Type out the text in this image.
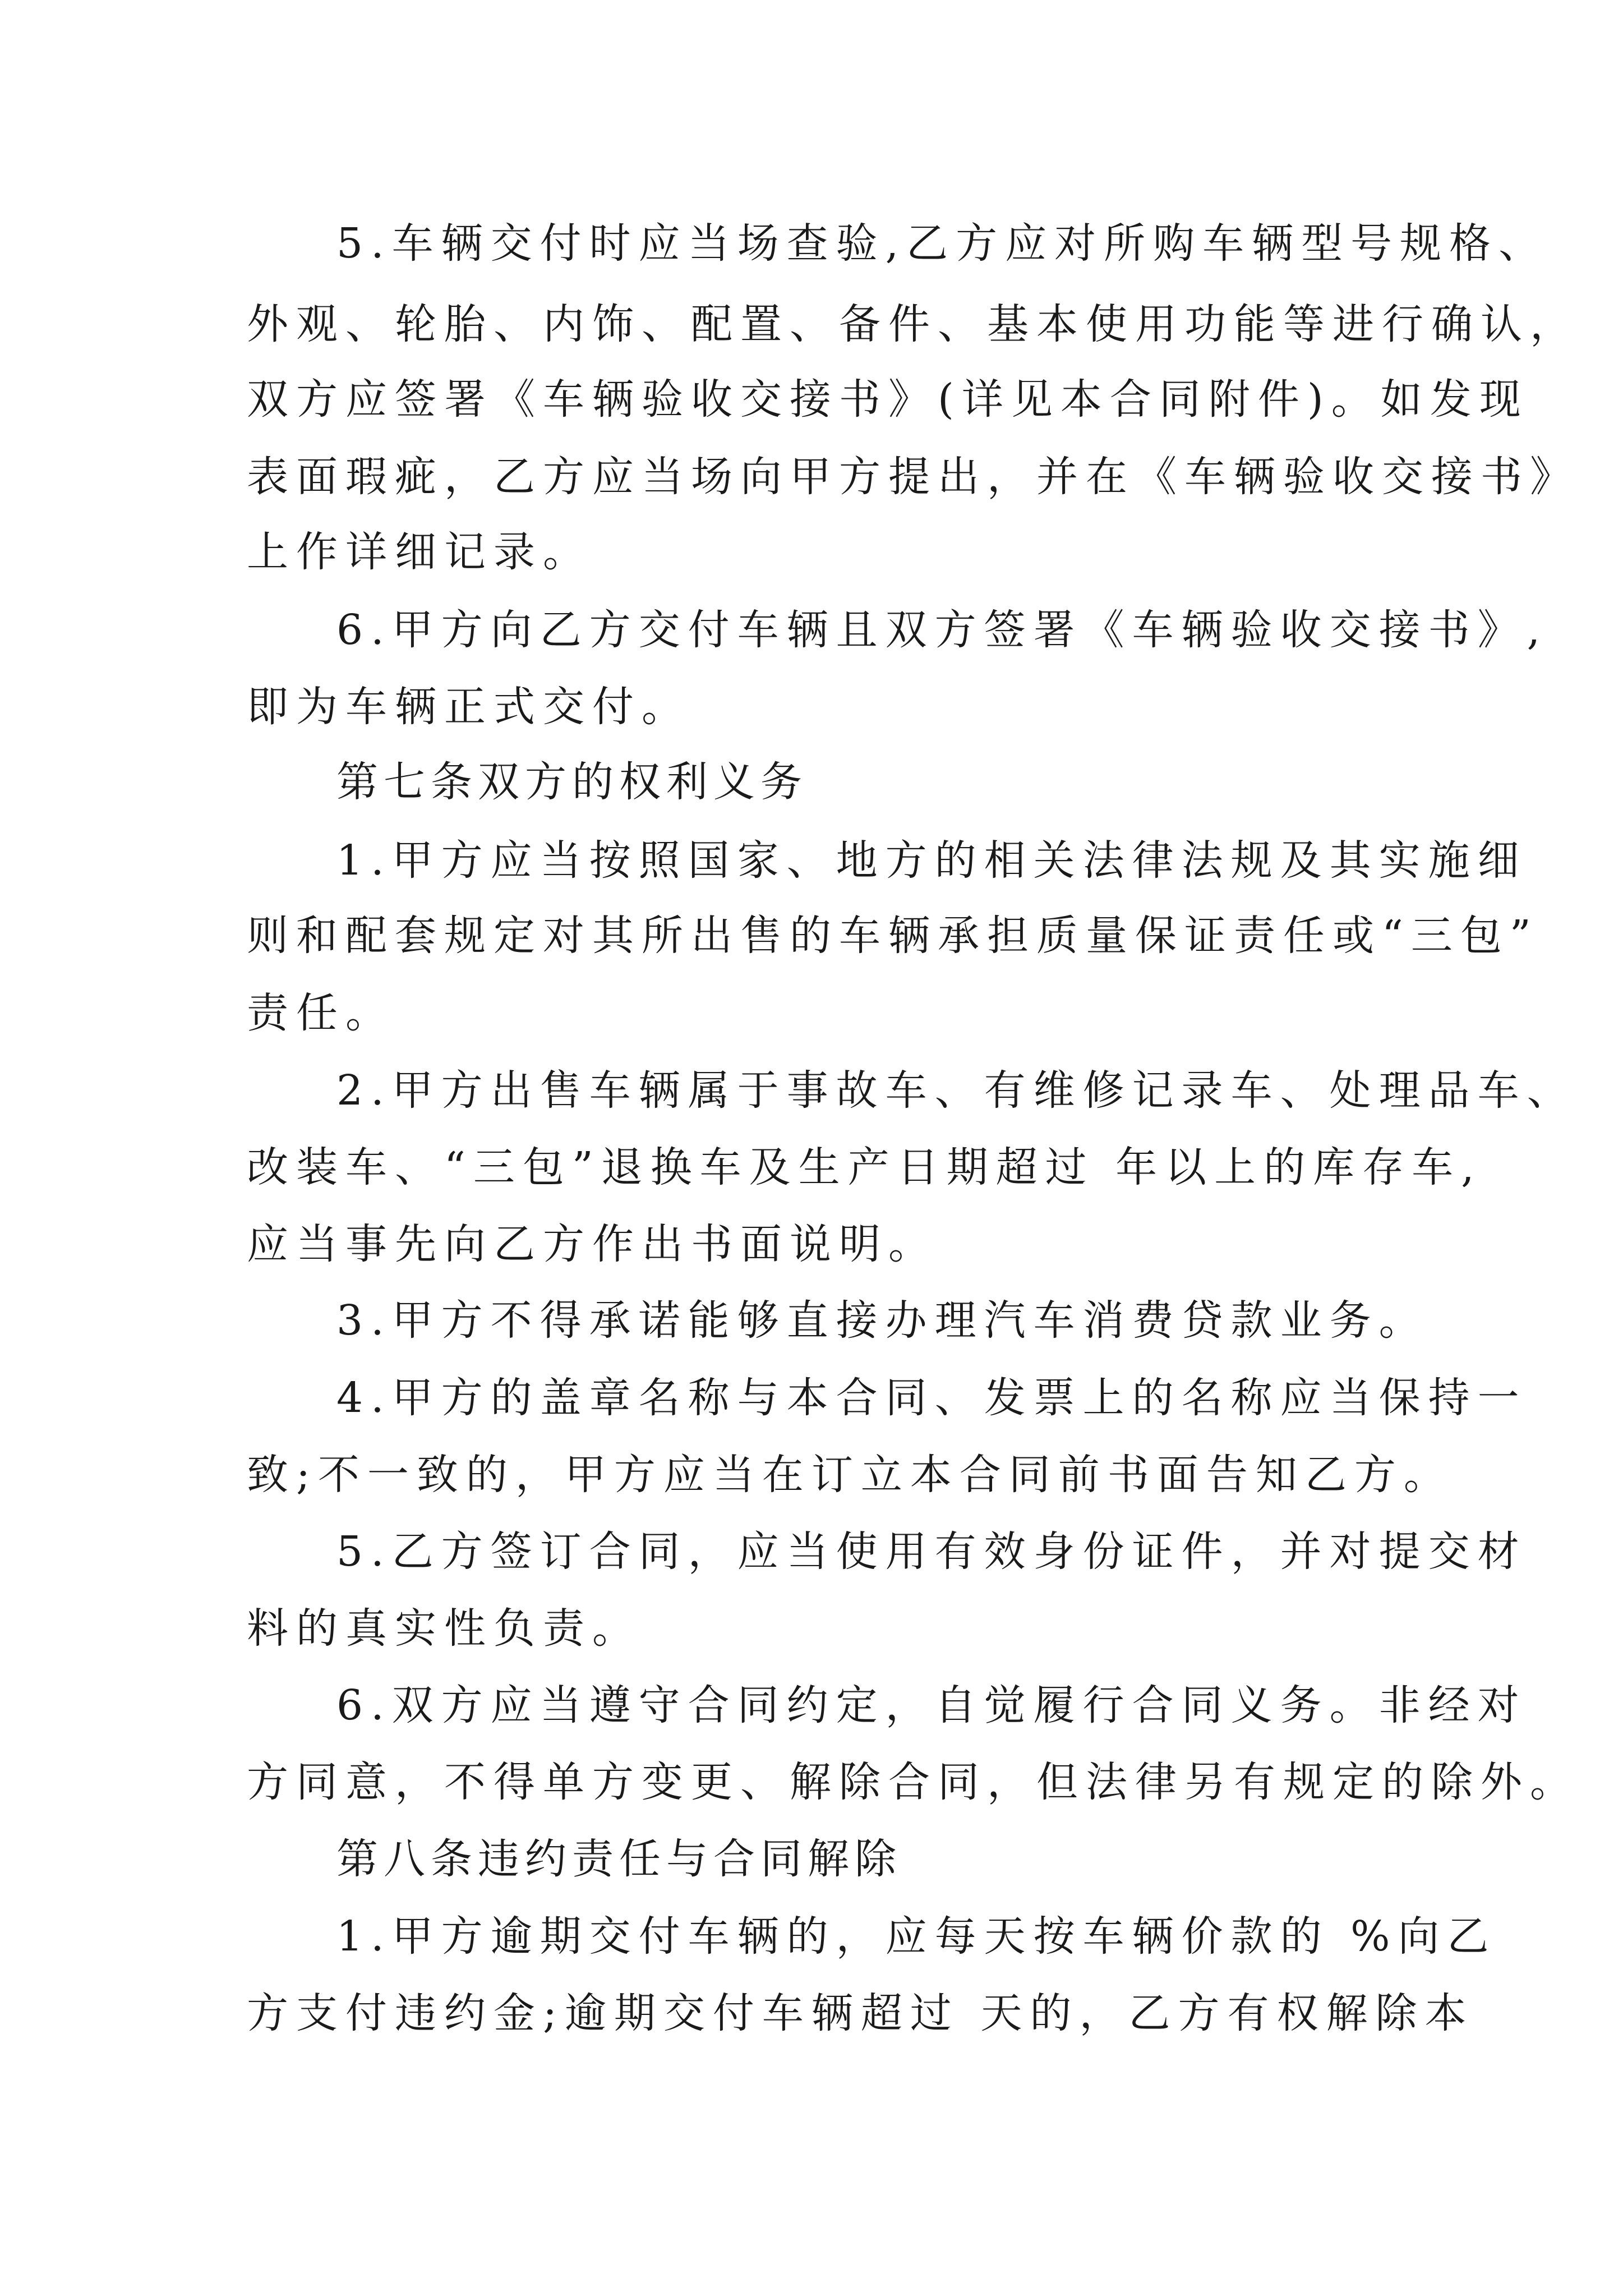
5.车辆交付时应当场查验,乙方应对所购车辆型号规格、
外观、轮胎、内饰、配置、备件、基本使用功能等进行确认，
双方应签署《车辆验收交接书》(详见本合同附件)。如发现
表面瑕疵，乙方应当场向甲方提出，并在《车辆验收交接书》
上作详细记录。
6.甲方向乙方交付车辆且双方签署《车辆验收交接书》,
即为车辆正式交付。
第七条双方的权利义务
1.甲方应当按照国家、地方的相关法律法规及其实施细
则和配套规定对其所出售的车辆承担质量保证责任或“三包”
责任。
2.甲方出售车辆属于事故车、有维修记录车、处理品车、
改装车、“三包”退换车及生产日期超过 年以上的库存车,
应当事先向乙方作出书面说明。
3.甲方不得承诺能够直接办理汽车消费贷款业务。
4.甲方的盖章名称与本合同、发票上的名称应当保持一
致;不一致的，甲方应当在订立本合同前书面告知乙方。
5.乙方签订合同，应当使用有效身份证件，并对提交材
料的真实性负责。
6.双方应当遵守合同约定，自觉履行合同义务。非经对
方同意，不得单方变更、解除合同，但法律另有规定的除外。
第八条违约责任与合同解除
1.甲方逾期交付车辆的，应每天按车辆价款的 %向乙
方支付违约金;逾期交付车辆超过 天的，乙方有权解除本
